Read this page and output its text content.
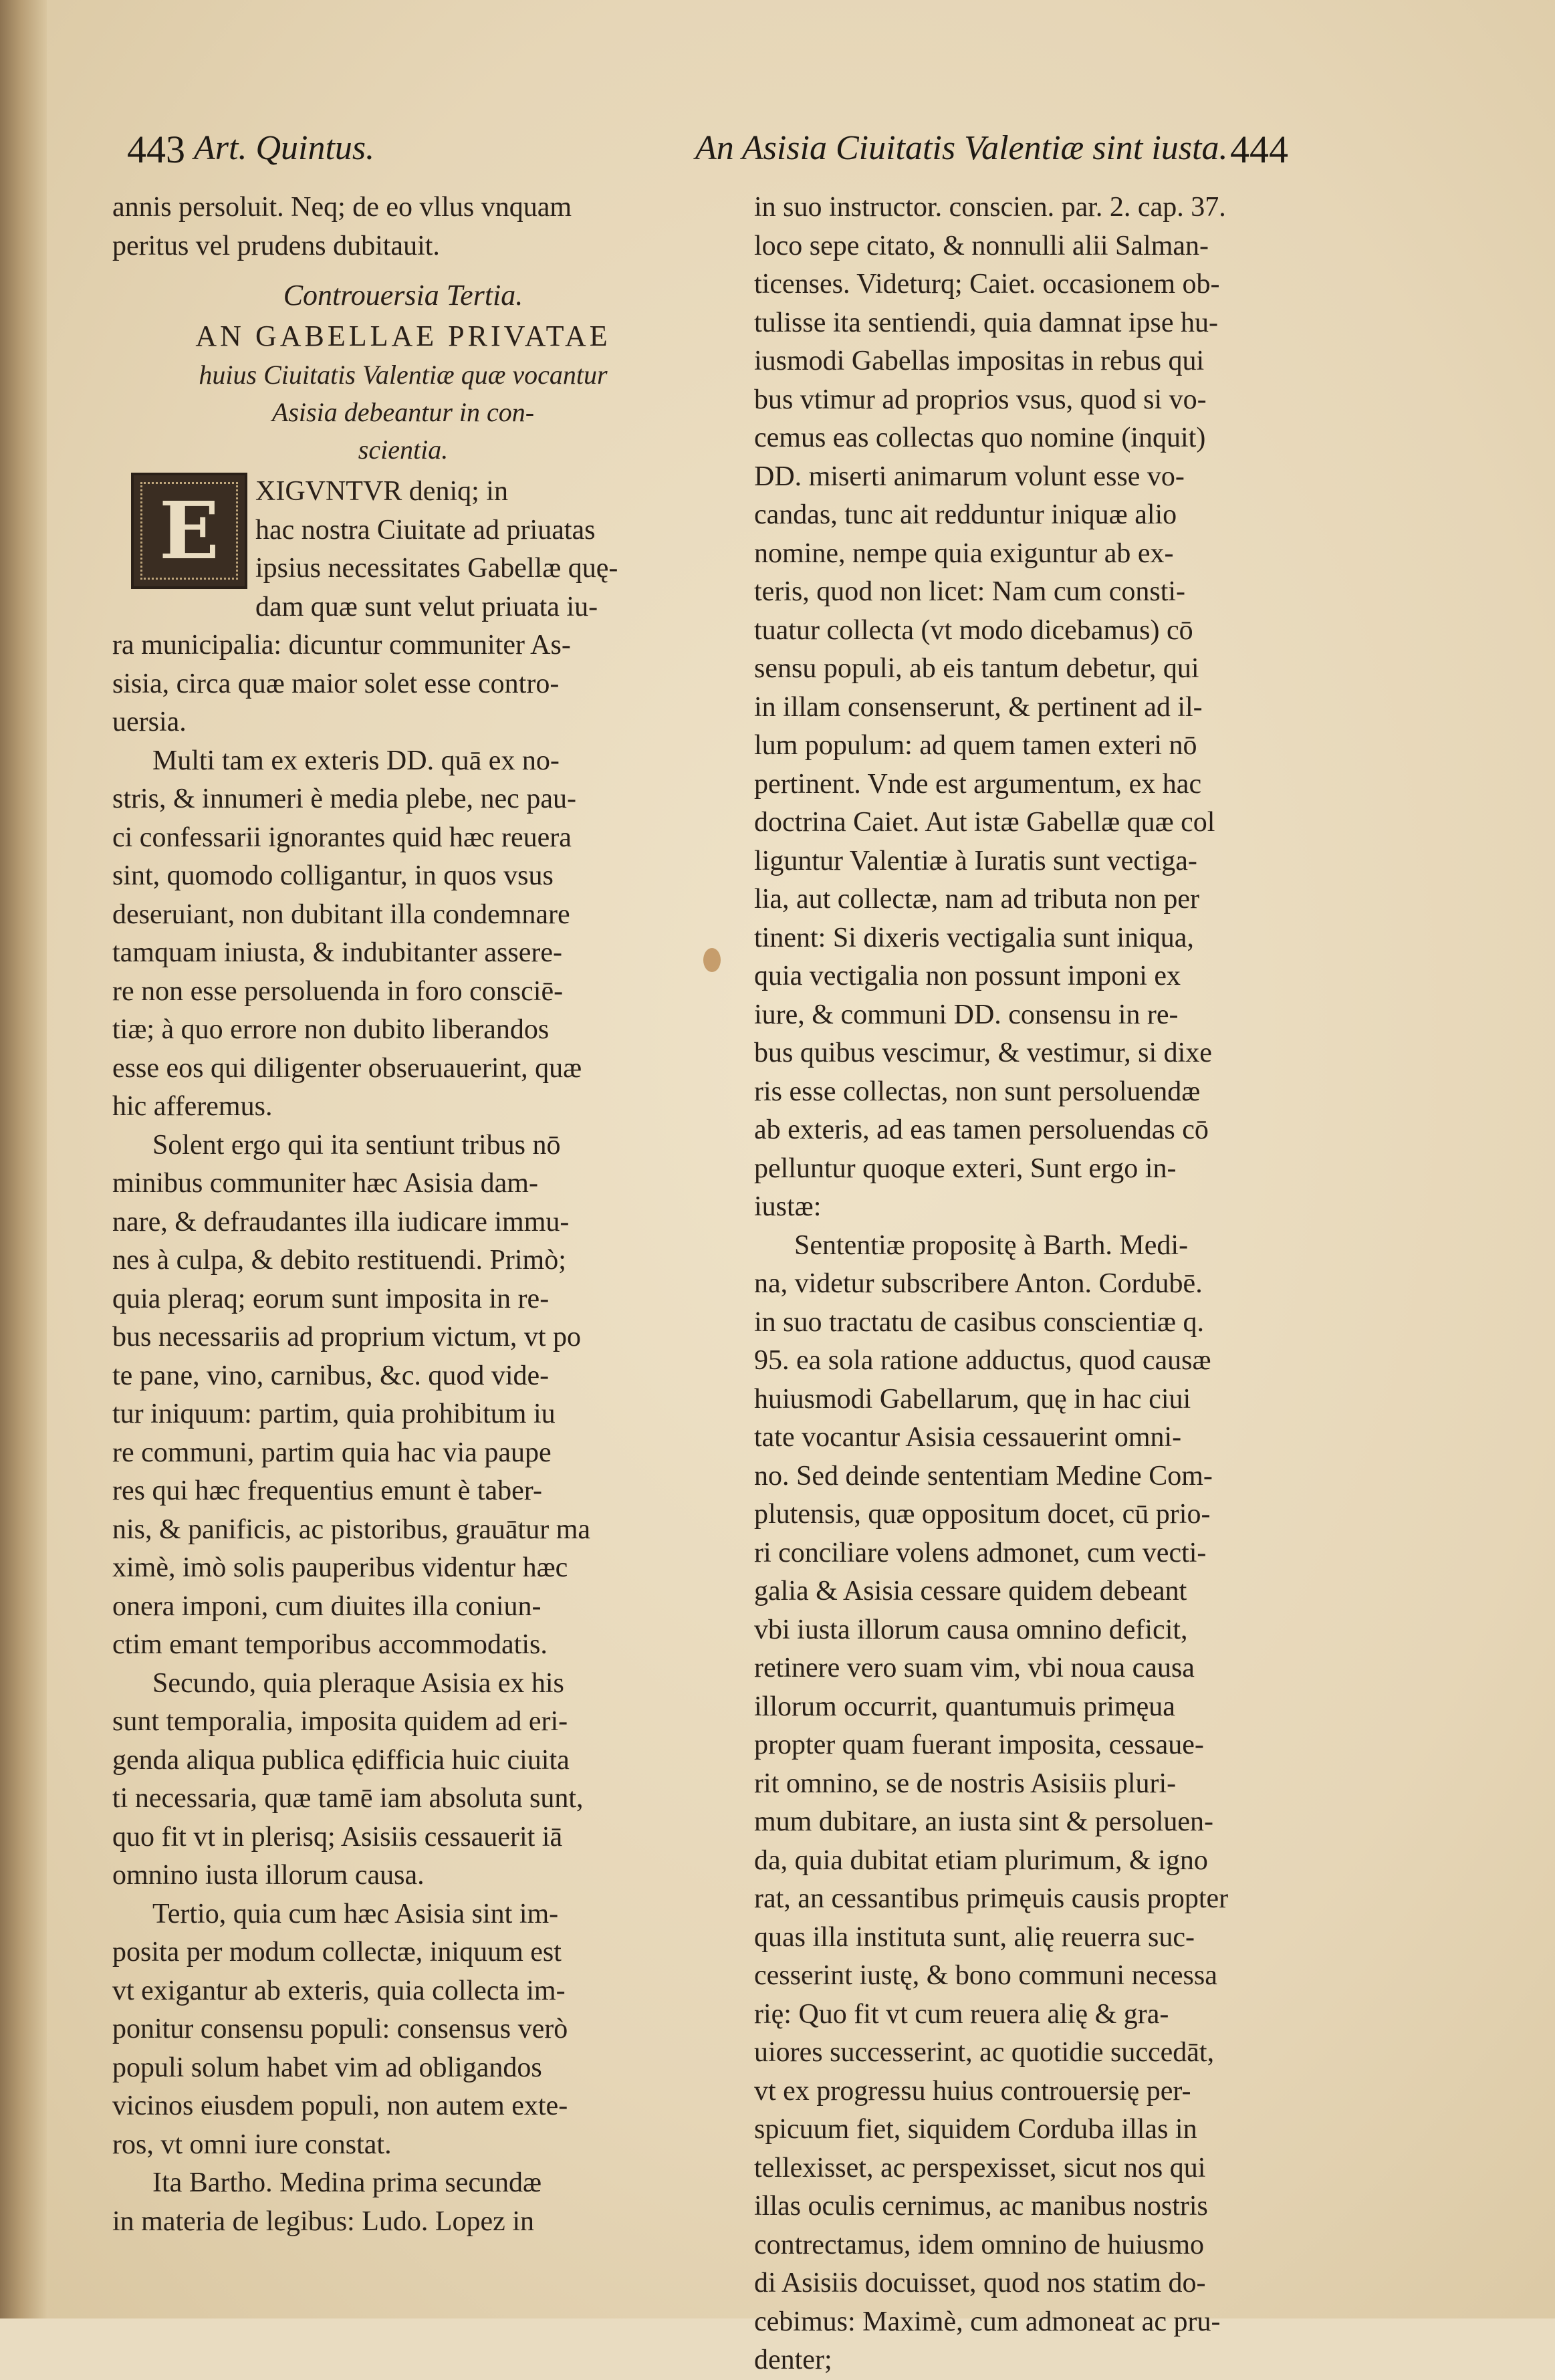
443 Art. Quintus.	An Asisia Ciuitatis Valentiæ sint iusta. 444
annis persoluit. Neq; de eo vllus vnquam
peritus vel prudens dubitauit.
Controuersia Tertia.
AN GABELLAE PRIVATAE
huius Ciuitatis Valentiæ quæ vocantur
Asisia debeantur in con-
scientia.
E	XIGVNTVR deniq; in
hac nostra Ciuitate ad priuatas
ipsius necessitates Gabellæ quę-
dam quæ sunt velut priuata iu-
ra municipalia: dicuntur communiter As-
sisia, circa quæ maior solet esse contro-
uersia.
Multi tam ex exteris DD. quā ex no-
stris, & innumeri è media plebe, nec pau-
ci confessarii ignorantes quid hæc reuera
sint, quomodo colligantur, in quos vsus
deseruiant, non dubitant illa condemnare
tamquam iniusta, & indubitanter assere-
re non esse persoluenda in foro consciē-
tiæ; à quo errore non dubito liberandos
esse eos qui diligenter obseruauerint, quæ
hic afferemus.
Solent ergo qui ita sentiunt tribus nō
minibus communiter hæc Asisia dam-
nare, & defraudantes illa iudicare immu-
nes à culpa, & debito restituendi. Primò;
quia pleraq; eorum sunt imposita in re-
bus necessariis ad proprium victum, vt po
te pane, vino, carnibus, &c. quod vide-
tur iniquum: partim, quia prohibitum iu
re communi, partim quia hac via paupe
res qui hæc frequentius emunt è taber-
nis, & panificis, ac pistoribus, grauātur ma
ximè, imò solis pauperibus videntur hæc
onera imponi, cum diuites illa coniun-
ctim emant temporibus accommodatis.
Secundo, quia pleraque Asisia ex his
sunt temporalia, imposita quidem ad eri-
genda aliqua publica ędifficia huic ciuita
ti necessaria, quæ tamē iam absoluta sunt,
quo fit vt in plerisq; Asisiis cessauerit iā
omnino iusta illorum causa.
Tertio, quia cum hæc Asisia sint im-
posita per modum collectæ, iniquum est
vt exigantur ab exteris, quia collecta im-
ponitur consensu populi: consensus verò
populi solum habet vim ad obligandos
vicinos eiusdem populi, non autem exte-
ros, vt omni iure constat.
Ita Bartho. Medina prima secundæ
in materia de legibus: Ludo. Lopez in
in suo instructor. conscien. par. 2. cap. 37.
loco sepe citato, & nonnulli alii Salman-
ticenses. Videturq; Caiet. occasionem ob-
tulisse ita sentiendi, quia damnat ipse hu-
iusmodi Gabellas impositas in rebus qui
bus vtimur ad proprios vsus, quod si vo-
cemus eas collectas quo nomine (inquit)
DD. miserti animarum volunt esse vo-
candas, tunc ait redduntur iniquæ alio
nomine, nempe quia exiguntur ab ex-
teris, quod non licet: Nam cum consti-
tuatur collecta (vt modo dicebamus) cō
sensu populi, ab eis tantum debetur, qui
in illam consenserunt, & pertinent ad il-
lum populum: ad quem tamen exteri nō
pertinent. Vnde est argumentum, ex hac
doctrina Caiet. Aut istæ Gabellæ quæ col
liguntur Valentiæ à Iuratis sunt vectiga-
lia, aut collectæ, nam ad tributa non per
tinent: Si dixeris vectigalia sunt iniqua,
quia vectigalia non possunt imponi ex
iure, & communi DD. consensu in re-
bus quibus vescimur, & vestimur, si dixe
ris esse collectas, non sunt persoluendæ
ab exteris, ad eas tamen persoluendas cō
pelluntur quoque exteri, Sunt ergo in-
iustæ:
Sententiæ propositę à Barth. Medi-
na, videtur subscribere Anton. Cordubē.
in suo tractatu de casibus conscientiæ q.
95. ea sola ratione adductus, quod causæ
huiusmodi Gabellarum, quę in hac ciui
tate vocantur Asisia cessauerint omni-
no. Sed deinde sententiam Medine Com-
plutensis, quæ oppositum docet, cū prio-
ri conciliare volens admonet, cum vecti-
galia & Asisia cessare quidem debeant
vbi iusta illorum causa omnino deficit,
retinere vero suam vim, vbi noua causa
illorum occurrit, quantumuis primęua
propter quam fuerant imposita, cessaue-
rit omnino, se de nostris Asisiis pluri-
mum dubitare, an iusta sint & persoluen-
da, quia dubitat etiam plurimum, & igno
rat, an cessantibus primęuis causis propter
quas illa instituta sunt, alię reuerra suc-
cesserint iustę, & bono communi necessa
rię: Quo fit vt cum reuera alię & gra-
uiores successerint, ac quotidie succedāt,
vt ex progressu huius controuersię per-
spicuum fiet, siquidem Corduba illas in
tellexisset, ac perspexisset, sicut nos qui
illas oculis cernimus, ac manibus nostris
contrectamus, idem omnino de huiusmo
di Asisiis docuisset, quod nos statim do-
cebimus: Maximè, cum admoneat ac pru-
denter;
